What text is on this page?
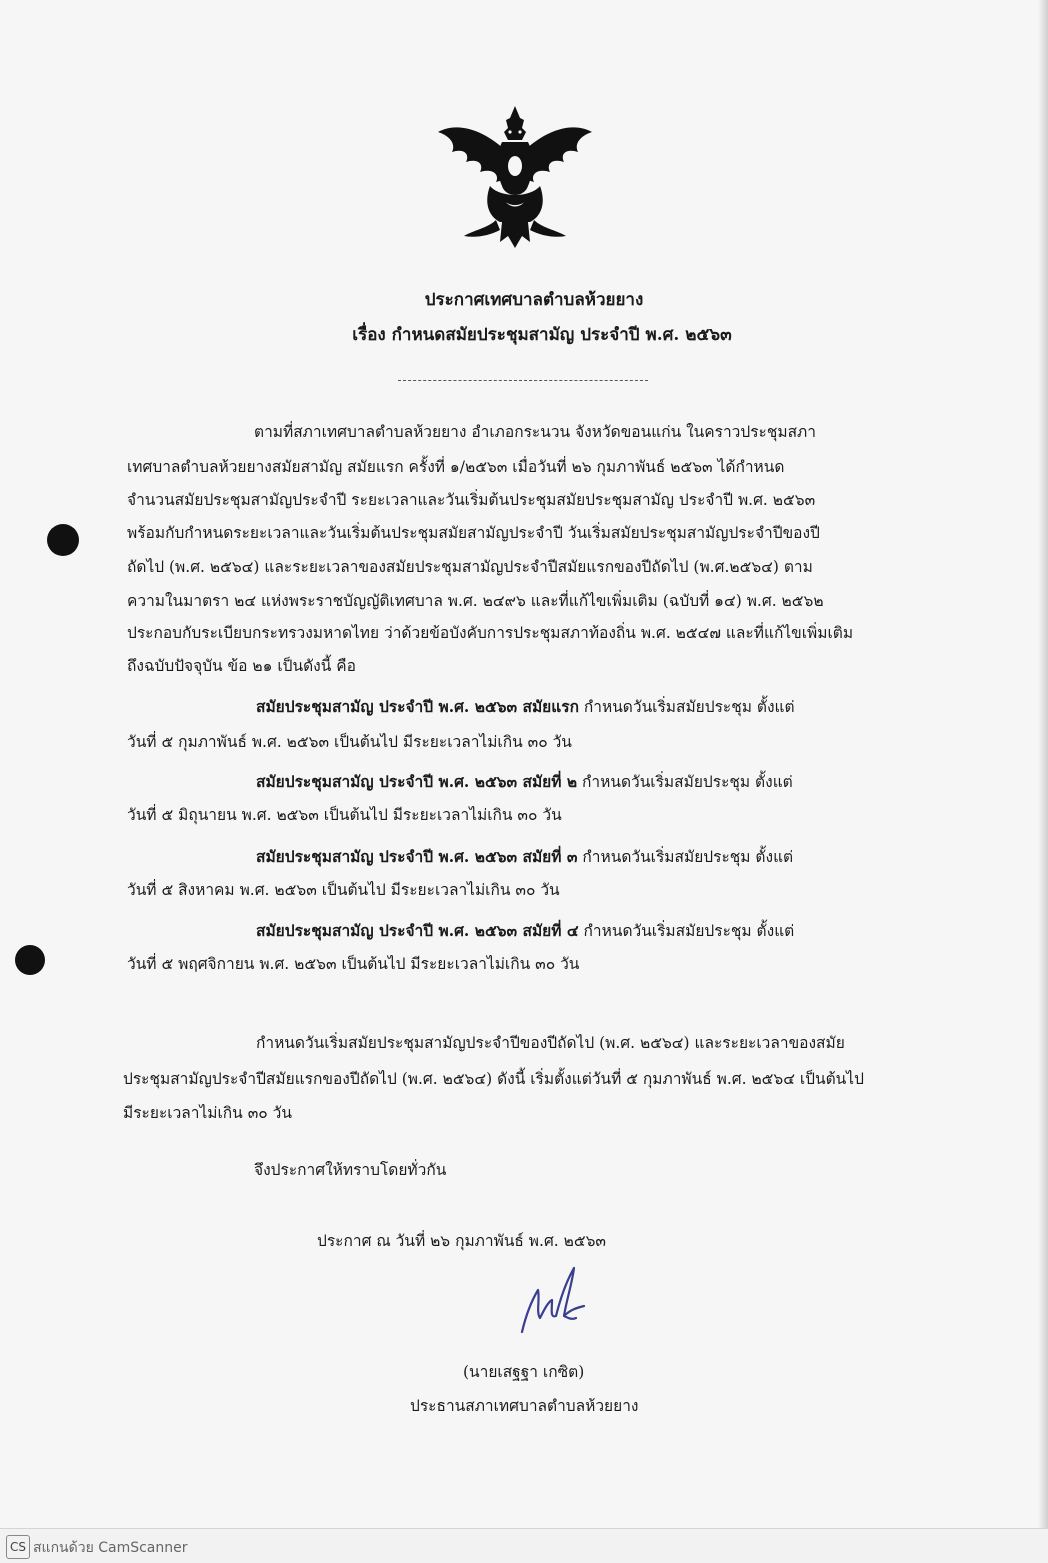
ประกาศเทศบาลตำบลห้วยยาง
เรื่อง กำหนดสมัยประชุมสามัญ ประจำปี พ.ศ. ๒๕๖๓
ตามที่สภาเทศบาลตำบลห้วยยาง อำเภอกระนวน จังหวัดขอนแก่น ในคราวประชุมสภา
เทศบาลตำบลห้วยยางสมัยสามัญ สมัยแรก ครั้งที่ ๑/๒๕๖๓ เมื่อวันที่ ๒๖ กุมภาพันธ์ ๒๕๖๓ ได้กำหนด
จำนวนสมัยประชุมสามัญประจำปี ระยะเวลาและวันเริ่มต้นประชุมสมัยประชุมสามัญ ประจำปี พ.ศ. ๒๕๖๓
พร้อมกับกำหนดระยะเวลาและวันเริ่มต้นประชุมสมัยสามัญประจำปี วันเริ่มสมัยประชุมสามัญประจำปีของปี
ถัดไป (พ.ศ. ๒๕๖๔) และระยะเวลาของสมัยประชุมสามัญประจำปีสมัยแรกของปีถัดไป (พ.ศ.๒๕๖๔) ตาม
ความในมาตรา ๒๔ แห่งพระราชบัญญัติเทศบาล พ.ศ. ๒๔๙๖ และที่แก้ไขเพิ่มเติม (ฉบับที่ ๑๔) พ.ศ. ๒๕๖๒
ประกอบกับระเบียบกระทรวงมหาดไทย ว่าด้วยข้อบังคับการประชุมสภาท้องถิ่น พ.ศ. ๒๕๔๗ และที่แก้ไขเพิ่มเติม
ถึงฉบับปัจจุบัน ข้อ ๒๑ เป็นดังนี้ คือ
สมัยประชุมสามัญ ประจำปี พ.ศ. ๒๕๖๓ สมัยแรก กำหนดวันเริ่มสมัยประชุม ตั้งแต่
วันที่ ๕ กุมภาพันธ์ พ.ศ. ๒๕๖๓ เป็นต้นไป มีระยะเวลาไม่เกิน ๓๐ วัน
สมัยประชุมสามัญ ประจำปี พ.ศ. ๒๕๖๓ สมัยที่ ๒ กำหนดวันเริ่มสมัยประชุม ตั้งแต่
วันที่ ๕ มิถุนายน พ.ศ. ๒๕๖๓ เป็นต้นไป มีระยะเวลาไม่เกิน ๓๐ วัน
สมัยประชุมสามัญ ประจำปี พ.ศ. ๒๕๖๓ สมัยที่ ๓ กำหนดวันเริ่มสมัยประชุม ตั้งแต่
วันที่ ๕ สิงหาคม พ.ศ. ๒๕๖๓ เป็นต้นไป มีระยะเวลาไม่เกิน ๓๐ วัน
สมัยประชุมสามัญ ประจำปี พ.ศ. ๒๕๖๓ สมัยที่ ๔ กำหนดวันเริ่มสมัยประชุม ตั้งแต่
วันที่ ๕ พฤศจิกายน พ.ศ. ๒๕๖๓ เป็นต้นไป มีระยะเวลาไม่เกิน ๓๐ วัน
กำหนดวันเริ่มสมัยประชุมสามัญประจำปีของปีถัดไป (พ.ศ. ๒๕๖๔) และระยะเวลาของสมัย
ประชุมสามัญประจำปีสมัยแรกของปีถัดไป (พ.ศ. ๒๕๖๔) ดังนี้ เริ่มตั้งแต่วันที่ ๕ กุมภาพันธ์ พ.ศ. ๒๕๖๔ เป็นต้นไป
มีระยะเวลาไม่เกิน ๓๐ วัน
จึงประกาศให้ทราบโดยทั่วกัน
ประกาศ ณ วันที่ ๒๖ กุมภาพันธ์ พ.ศ. ๒๕๖๓
(นายเสฐฐา เกซิต)
ประธานสภาเทศบาลตำบลห้วยยาง
CS สแกนด้วย CamScanner
